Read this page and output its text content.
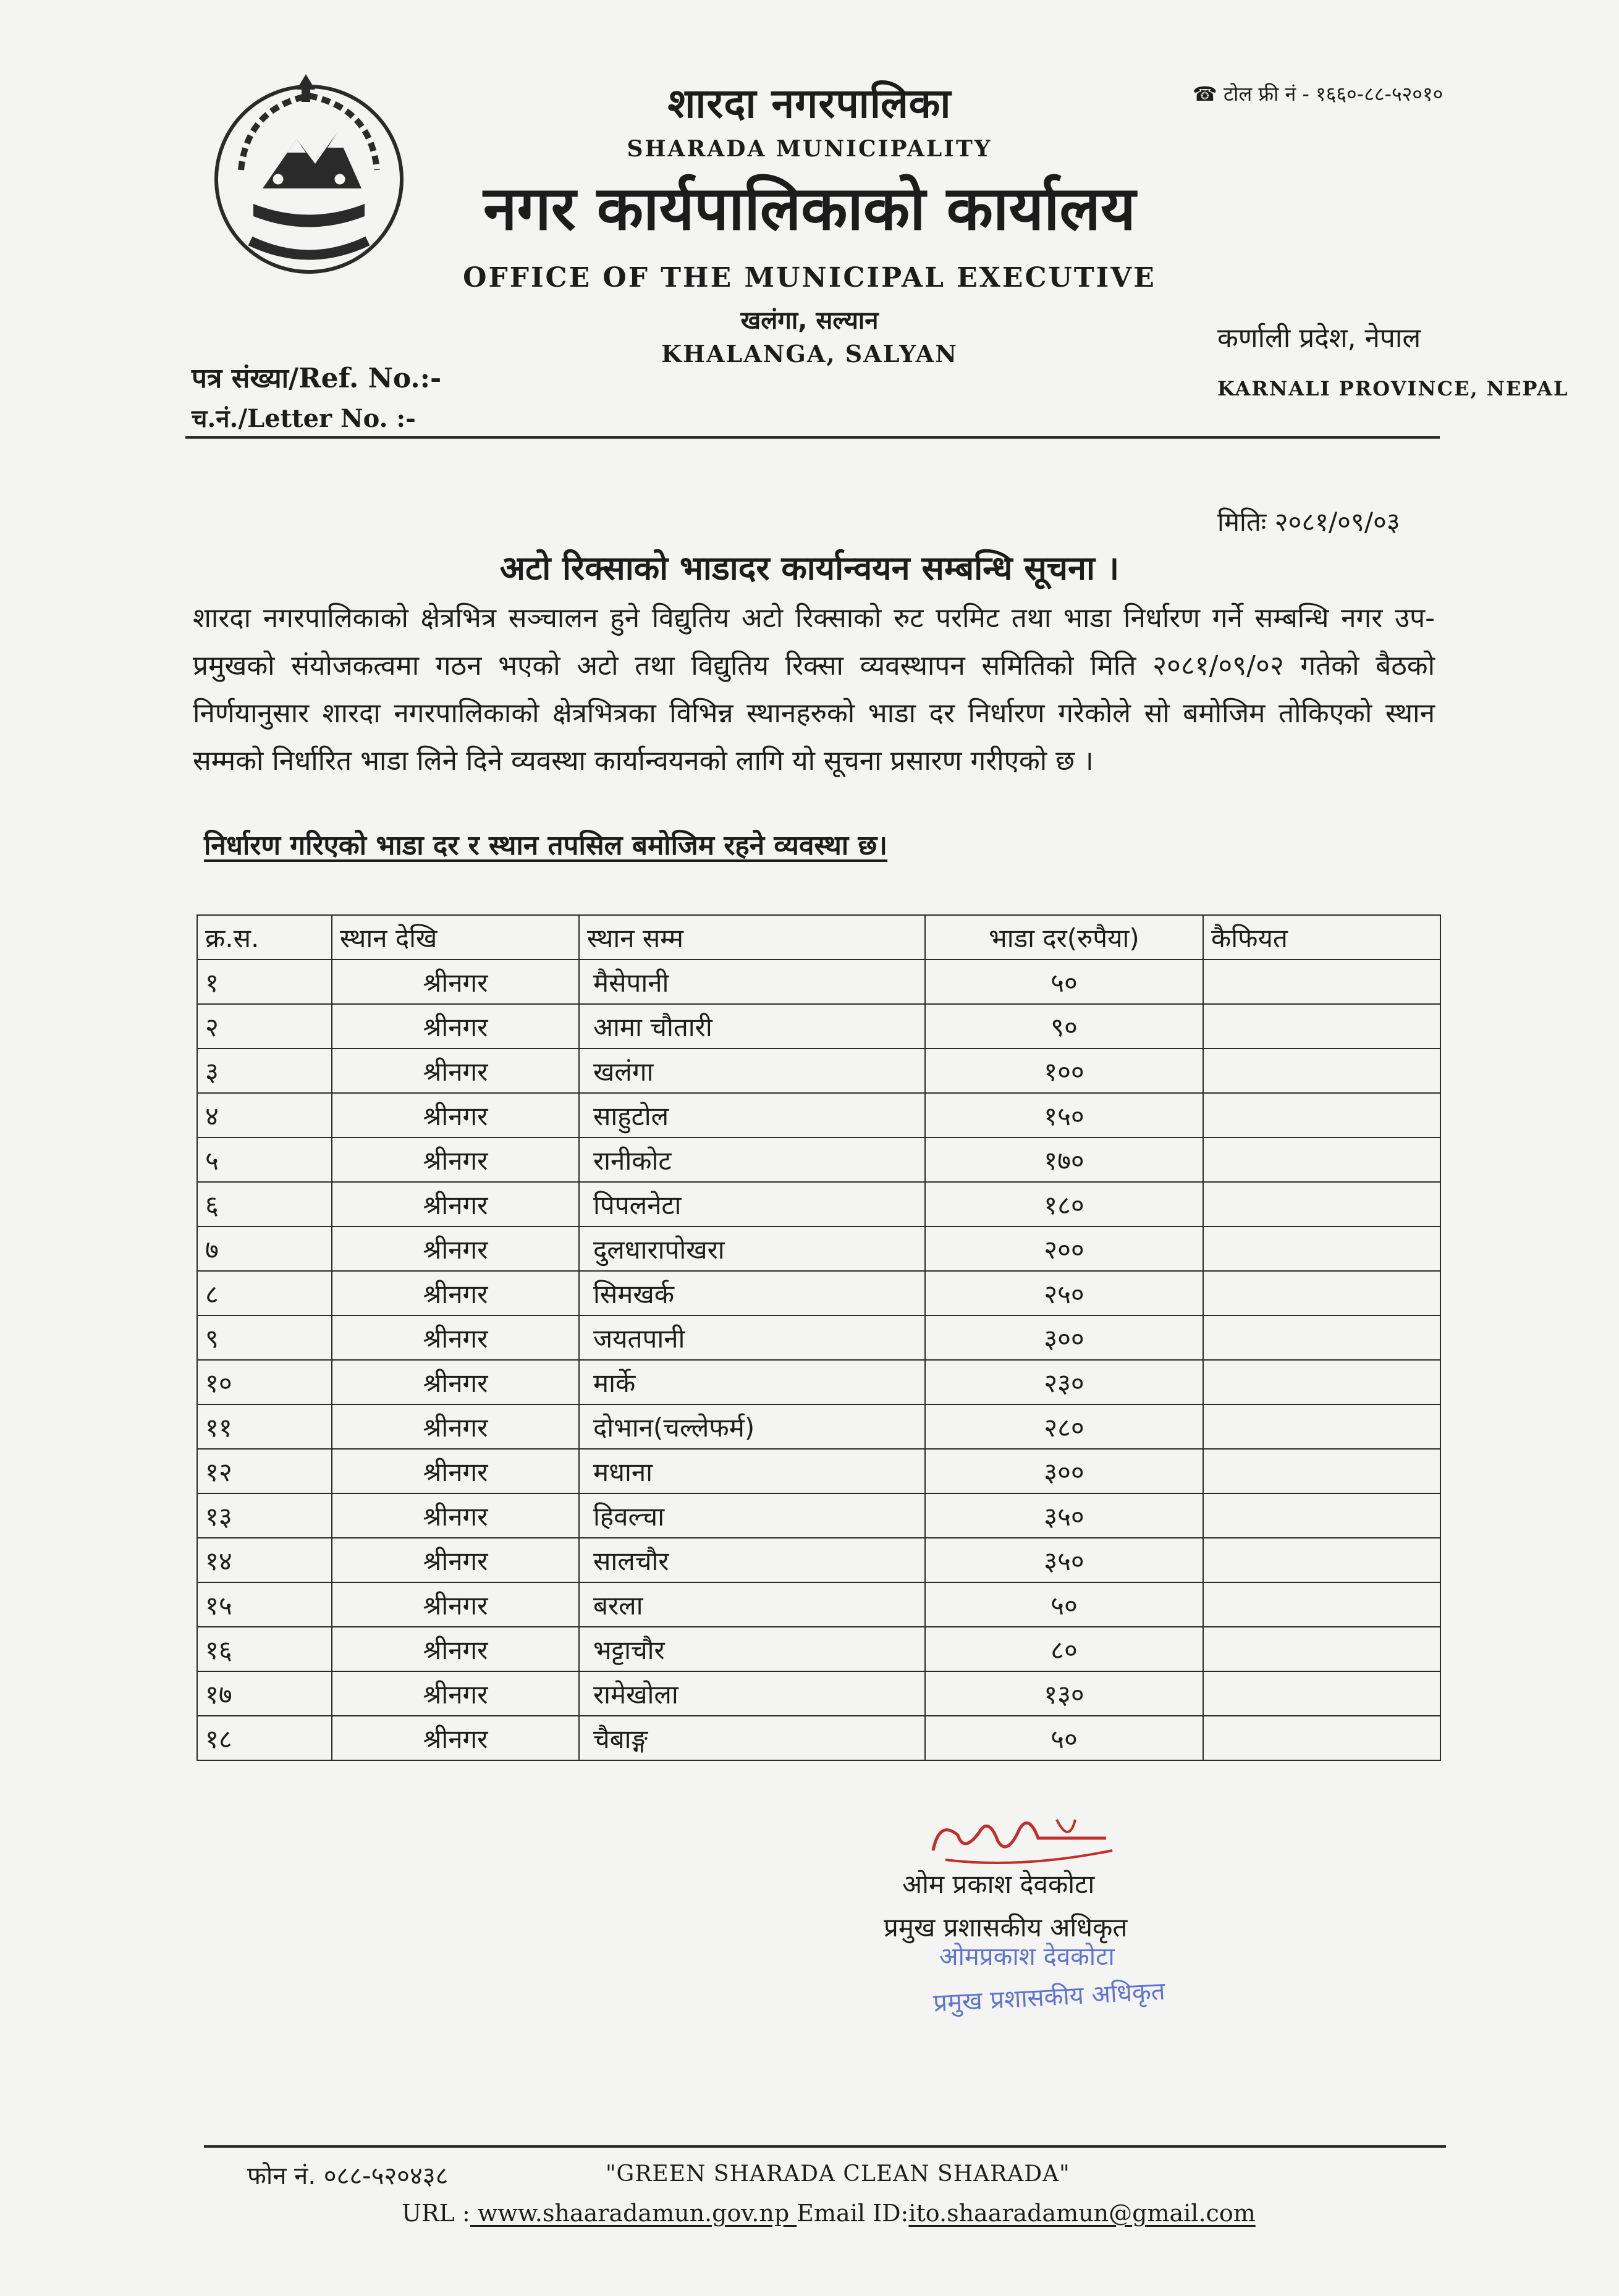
शारदा नगरपालिका
SHARADA MUNICIPALITY
नगर कार्यपालिकाको कार्यालय
OFFICE OF THE MUNICIPAL EXECUTIVE
खलंगा, सल्यान
KHALANGA, SALYAN
☎ टोल फ्री नं - १६६०-८८-५२०१०
कर्णाली प्रदेश, नेपाल
KARNALI PROVINCE, NEPAL
पत्र संख्या/Ref. No.:-
च.नं./Letter No. :-
मितिः २०८१/०९/०३
अटो रिक्साको भाडादर कार्यान्वयन सम्बन्धि सूचना ।
शारदा नगरपालिकाको क्षेत्रभित्र सञ्चालन हुने विद्युतिय अटो रिक्साको रुट परमिट तथा भाडा निर्धारण गर्ने सम्बन्धि नगर उप-प्रमुखको संयोजकत्वमा गठन भएको अटो तथा विद्युतिय रिक्सा व्यवस्थापन समितिको मिति २०८१/०९/०२ गतेको बैठको निर्णयानुसार शारदा नगरपालिकाको क्षेत्रभित्रका विभिन्न स्थानहरुको भाडा दर निर्धारण गरेकोले सो बमोजिम तोकिएको स्थान सम्मको निर्धारित भाडा लिने दिने व्यवस्था कार्यान्वयनको लागि यो सूचना प्रसारण गरीएको छ ।
निर्धारण गरिएको भाडा दर र स्थान तपसिल बमोजिम रहने व्यवस्था छ।
क्र.स.	स्थान देखि	स्थान सम्म	भाडा दर(रुपैया)	कैफियत
१	श्रीनगर	मैसेपानी	५०	
२	श्रीनगर	आमा चौतारी	९०	
३	श्रीनगर	खलंगा	१००	
४	श्रीनगर	साहुटोल	१५०	
५	श्रीनगर	रानीकोट	१७०	
६	श्रीनगर	पिपलनेटा	१८०	
७	श्रीनगर	दुलधारापोखरा	२००	
८	श्रीनगर	सिमखर्क	२५०	
९	श्रीनगर	जयतपानी	३००	
१०	श्रीनगर	मार्के	२३०	
११	श्रीनगर	दोभान(चल्लेफर्म)	२८०	
१२	श्रीनगर	मधाना	३००	
१३	श्रीनगर	हिवल्चा	३५०	
१४	श्रीनगर	सालचौर	३५०	
१५	श्रीनगर	बरला	५०	
१६	श्रीनगर	भट्टाचौर	८०	
१७	श्रीनगर	रामेखोला	१३०	
१८	श्रीनगर	चैबाङ्ग	५०	
ओम प्रकाश देवकोटा
प्रमुख प्रशासकीय अधिकृत
ओमप्रकाश देवकोटा
प्रमुख प्रशासकीय अधिकृत
फोन नं. ०८८-५२०४३८	"GREEN SHARADA CLEAN SHARADA"
URL : www.shaaradamun.gov.np Email ID:ito.shaaradamun@gmail.com
